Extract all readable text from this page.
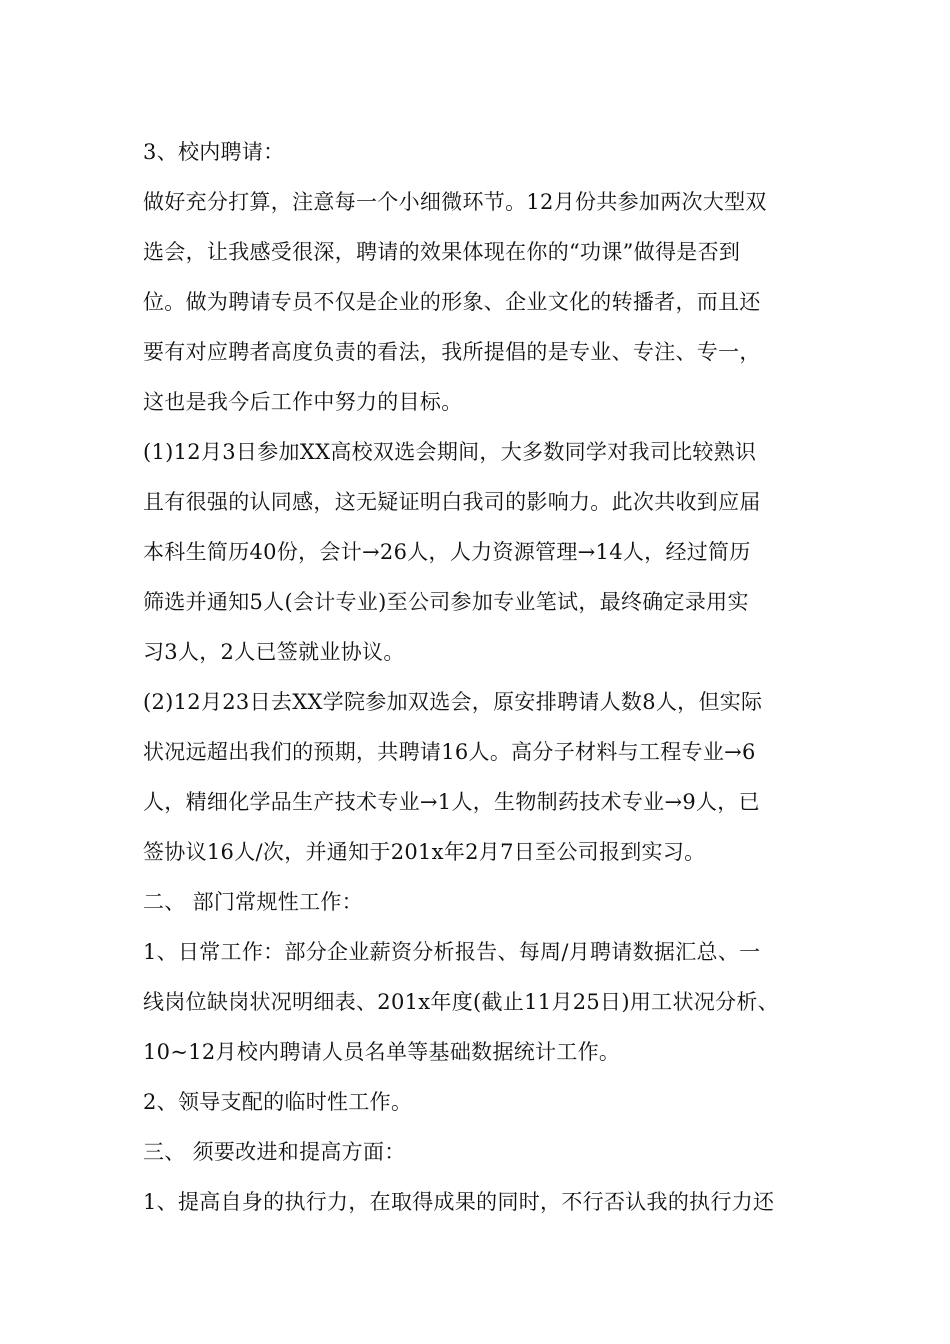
3、校内聘请：

做好充分打算，注意每一个小细微环节。12月份共参加两次大型双

选会，让我感受很深，聘请的效果体现在你的“功课”做得是否到

位。做为聘请专员不仅是企业的形象、企业文化的转播者，而且还

要有对应聘者高度负责的看法，我所提倡的是专业、专注、专一，

这也是我今后工作中努力的目标。

(1)12月3日参加XX高校双选会期间，大多数同学对我司比较熟识

且有很强的认同感，这无疑证明白我司的影响力。此次共收到应届

本科生简历40份，会计→26人，人力资源管理→14人，经过简历

筛选并通知5人(会计专业)至公司参加专业笔试，最终确定录用实

习3人，2人已签就业协议。

(2)12月23日去XX学院参加双选会，原安排聘请人数8人，但实际

状况远超出我们的预期，共聘请16人。高分子材料与工程专业→6

人，精细化学品生产技术专业→1人，生物制药技术专业→9人，已

签协议16人/次，并通知于201x年2月7日至公司报到实习。

二、 部门常规性工作：

1、日常工作：部分企业薪资分析报告、每周/月聘请数据汇总、一

线岗位缺岗状况明细表、201x年度(截止11月25日)用工状况分析、

10~12月校内聘请人员名单等基础数据统计工作。

2、领导支配的临时性工作。

三、 须要改进和提高方面：

1、提高自身的执行力，在取得成果的同时，不行否认我的执行力还
